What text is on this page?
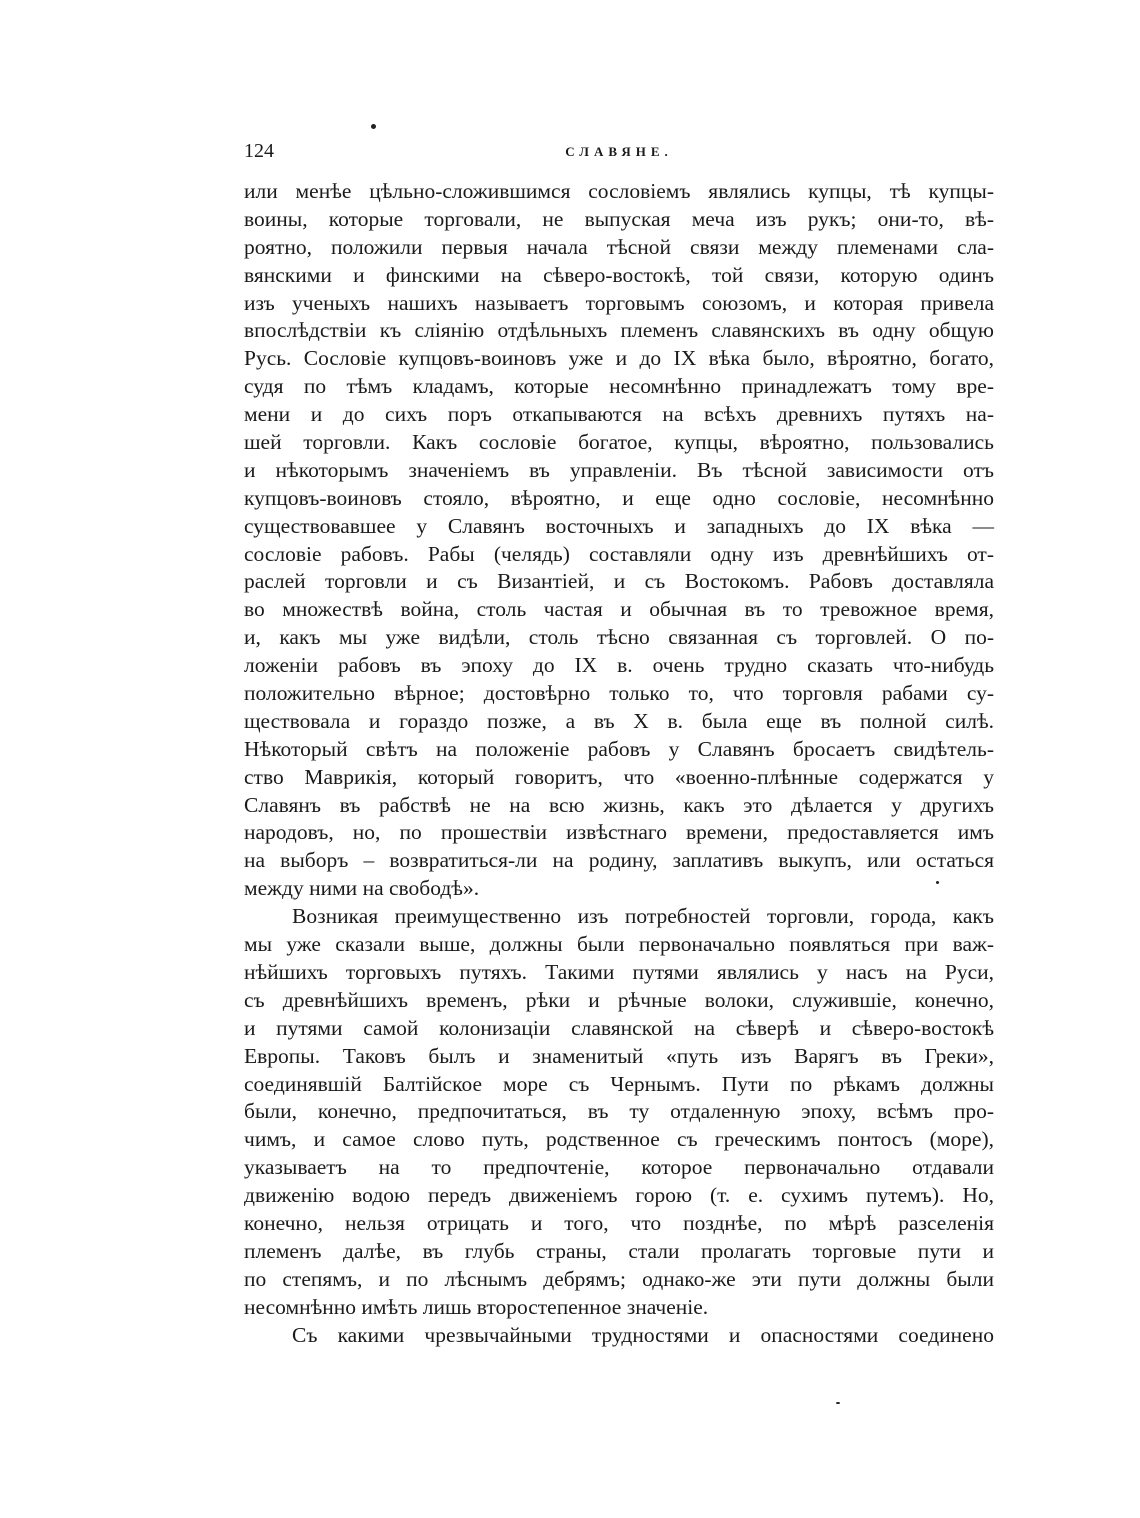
124	СЛАВЯНЕ.
или менѣе цѣльно-сложившимся сословіемъ являлись купцы, тѣ купцы-
воины, которые торговали, не выпуская меча изъ рукъ; они-то, вѣ-
роятно, положили первыя начала тѣсной связи между племенами сла-
вянскими и финскими на сѣверо-востокѣ, той связи, которую одинъ
изъ ученыхъ нашихъ называетъ торговымъ союзомъ, и которая привела
впослѣдствіи къ сліянію отдѣльныхъ племенъ славянскихъ въ одну общую
Русь. Сословіе купцовъ-воиновъ уже и до IX вѣка было, вѣроятно, богато,
судя по тѣмъ кладамъ, которые несомнѣнно принадлежатъ тому вре-
мени и до сихъ поръ откапываются на всѣхъ древнихъ путяхъ на-
шей торговли. Какъ сословіе богатое, купцы, вѣроятно, пользовались
и нѣкоторымъ значеніемъ въ управленіи. Въ тѣсной зависимости отъ
купцовъ-воиновъ стояло, вѣроятно, и еще одно сословіе, несомнѣнно
существовавшее у Славянъ восточныхъ и западныхъ до IX вѣка —
сословіе рабовъ. Рабы (челядь) составляли одну изъ древнѣйшихъ от-
раслей торговли и съ Византіей, и съ Востокомъ. Рабовъ доставляла
во множествѣ война, столь частая и обычная въ то тревожное время,
и, какъ мы уже видѣли, столь тѣсно связанная съ торговлей. О по-
ложеніи рабовъ въ эпоху до IX в. очень трудно сказать что-нибудь
положительно вѣрное; достовѣрно только то, что торговля рабами су-
ществовала и гораздо позже, а въ X в. была еще въ полной силѣ.
Нѣкоторый свѣтъ на положеніе рабовъ у Славянъ бросаетъ свидѣтель-
ство Маврикія, который говоритъ, что «военно-плѣнные содержатся у
Славянъ въ рабствѣ не на всю жизнь, какъ это дѣлается у другихъ
народовъ, но, по прошествіи извѣстнаго времени, предоставляется имъ
на выборъ – возвратиться-ли на родину, заплативъ выкупъ, или остаться
между ними на свободѣ».
Возникая преимущественно изъ потребностей торговли, города, какъ
мы уже сказали выше, должны были первоначально появляться при важ-
нѣйшихъ торговыхъ путяхъ. Такими путями являлись у насъ на Руси,
съ древнѣйшихъ временъ, рѣки и рѣчные волоки, служившіе, конечно,
и путями самой колонизаціи славянской на сѣверѣ и сѣверо-востокѣ
Европы. Таковъ былъ и знаменитый «путь изъ Варягъ въ Греки»,
соединявшій Балтійское море съ Чернымъ. Пути по рѣкамъ должны
были, конечно, предпочитаться, въ ту отдаленную эпоху, всѣмъ про-
чимъ, и самое слово путь, родственное съ греческимъ понтосъ (море),
указываетъ на то предпочтеніе, которое первоначально отдавали
движенію водою передъ движеніемъ горою (т. е. сухимъ путемъ). Но,
конечно, нельзя отрицать и того, что позднѣе, по мѣрѣ разселенія
племенъ далѣе, въ глубь страны, стали пролагать торговые пути и
по степямъ, и по лѣснымъ дебрямъ; однако-же эти пути должны были
несомнѣнно имѣть лишь второстепенное значеніе.
Съ какими чрезвычайными трудностями и опасностями соединено
